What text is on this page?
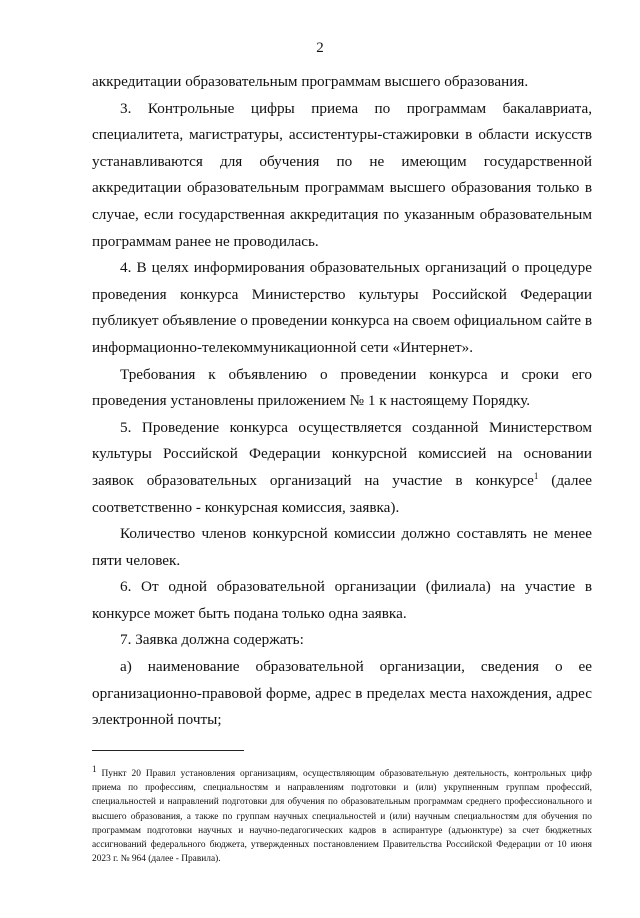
2

аккредитации образовательным программам высшего образования.

3. Контрольные цифры приема по программам бакалавриата, специалитета, магистратуры, ассистентуры-стажировки в области искусств устанавливаются для обучения по не имеющим государственной аккредитации образовательным программам высшего образования только в случае, если государственная аккредитация по указанным образовательным программам ранее не проводилась.

4. В целях информирования образовательных организаций о процедуре проведения конкурса Министерство культуры Российской Федерации публикует объявление о проведении конкурса на своем официальном сайте в информационно-телекоммуникационной сети «Интернет».

Требования к объявлению о проведении конкурса и сроки его проведения установлены приложением № 1 к настоящему Порядку.

5. Проведение конкурса осуществляется созданной Министерством культуры Российской Федерации конкурсной комиссией на основании заявок образовательных организаций на участие в конкурсе$^1$ (далее соответственно - конкурсная комиссия, заявка).

Количество членов конкурсной комиссии должно составлять не менее пяти человек.

6. От одной образовательной организации (филиала) на участие в конкурсе может быть подана только одна заявка.

7. Заявка должна содержать:

а) наименование образовательной организации, сведения о ее организационно-правовой форме, адрес в пределах места нахождения, адрес электронной почты;

$^1$ Пункт 20 Правил установления организациям, осуществляющим образовательную деятельность, контрольных цифр приема по профессиям, специальностям и направлениям подготовки и (или) укрупненным группам профессий, специальностей и направлений подготовки для обучения по образовательным программам среднего профессионального и высшего образования, а также по группам научных специальностей и (или) научным специальностям для обучения по программам подготовки научных и научно-педагогических кадров в аспирантуре (адъюнктуре) за счет бюджетных ассигнований федерального бюджета, утвержденных постановлением Правительства Российской Федерации от 10 июня 2023 г. № 964 (далее - Правила).
